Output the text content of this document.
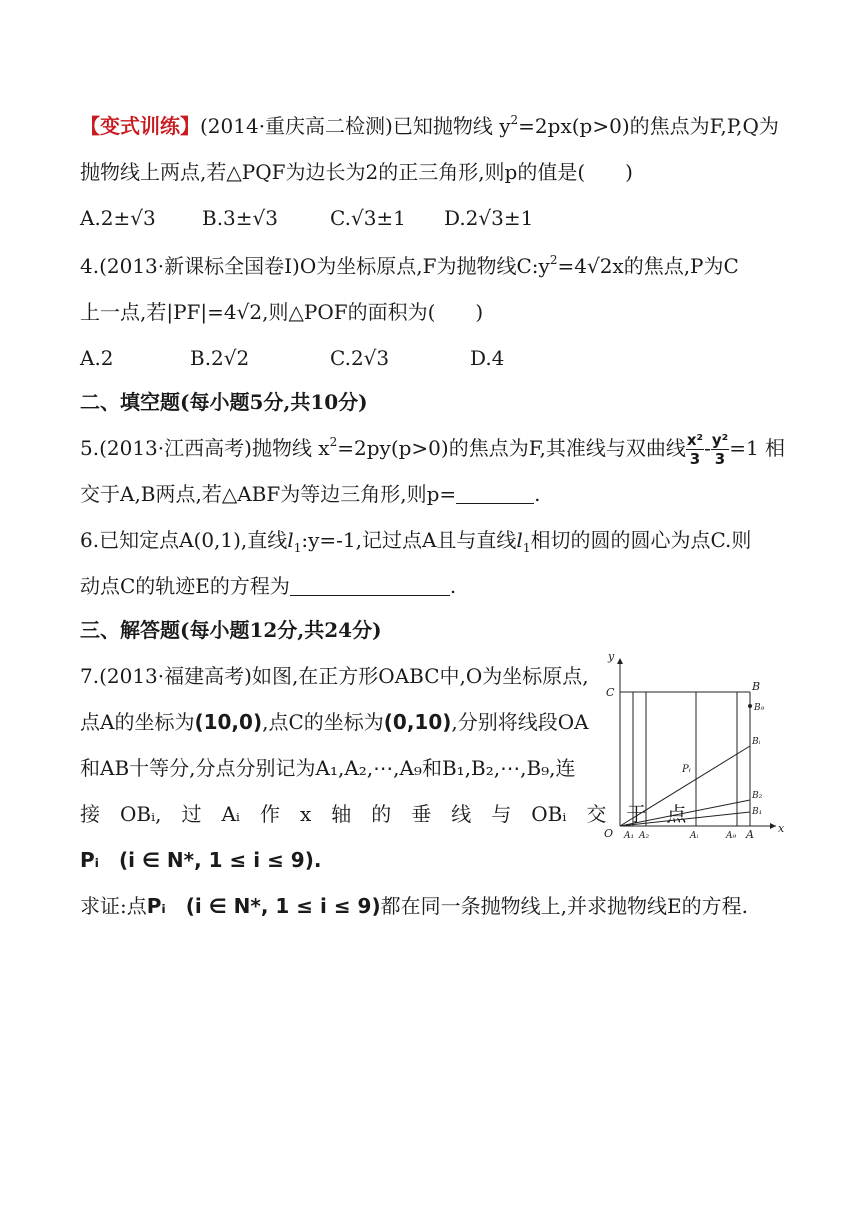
【变式训练】(2014·重庆高二检测)已知抛物线 $y^2=2px(p>0)$的焦点为F,P,Q为
抛物线上两点,若△PQF为边长为2的正三角形,则p的值是(　　)
A.2±√3 B.3±√3	C.√3±1 D.2√3±1
4.(2013·新课标全国卷Ⅰ)O为坐标原点,F为抛物线$C:y^2=4√2x$的焦点,P为C
上一点,若|PF|=4√2,则△POF的面积为(　　)
A.2	B.2√2	C.2√3	D.4
二、填空题(每小题5分,共10分)
5.(2013·江西高考)抛物线 $x^2=2py(p>0)$的焦点为F,其准线与双曲线 $\frac{\text{x²}}{3} - \frac{\text{y²}}{3} =1$ 相
交于A,B两点,若△ABF为等边三角形,则p=	.
6.已知定点A(0,1),直线$l_1:y=-1$,记过点A且与直线$l_1$相切的圆的圆心为点C.则
动点C的轨迹E的方程为	.
三、解答题(每小题12分,共24分)
7.(2013·福建高考)如图,在正方形OABC中,O为坐标原点,
点A的坐标为(10,0),点C的坐标为(0,10),分别将线段OA
和AB十等分,分点分别记为A₁,A₂,⋯,A₉和B₁,B₂,⋯,B₉,连
接　OBᵢ,　过　Aᵢ　作　x　轴　的　垂　线　与　OBᵢ　交　于　点
Pᵢ　(i ∈ N*, 1 ≤ i ≤ 9).
求证:点Pᵢ　(i ∈ N*, 1 ≤ i ≤ 9)都在同一条抛物线上,并求抛物线E的方程.
y
x
C	B
B₉
Bᵢ
Pᵢ
B₂
B₁
O A₁ A₂	Aᵢ	A₉ A
